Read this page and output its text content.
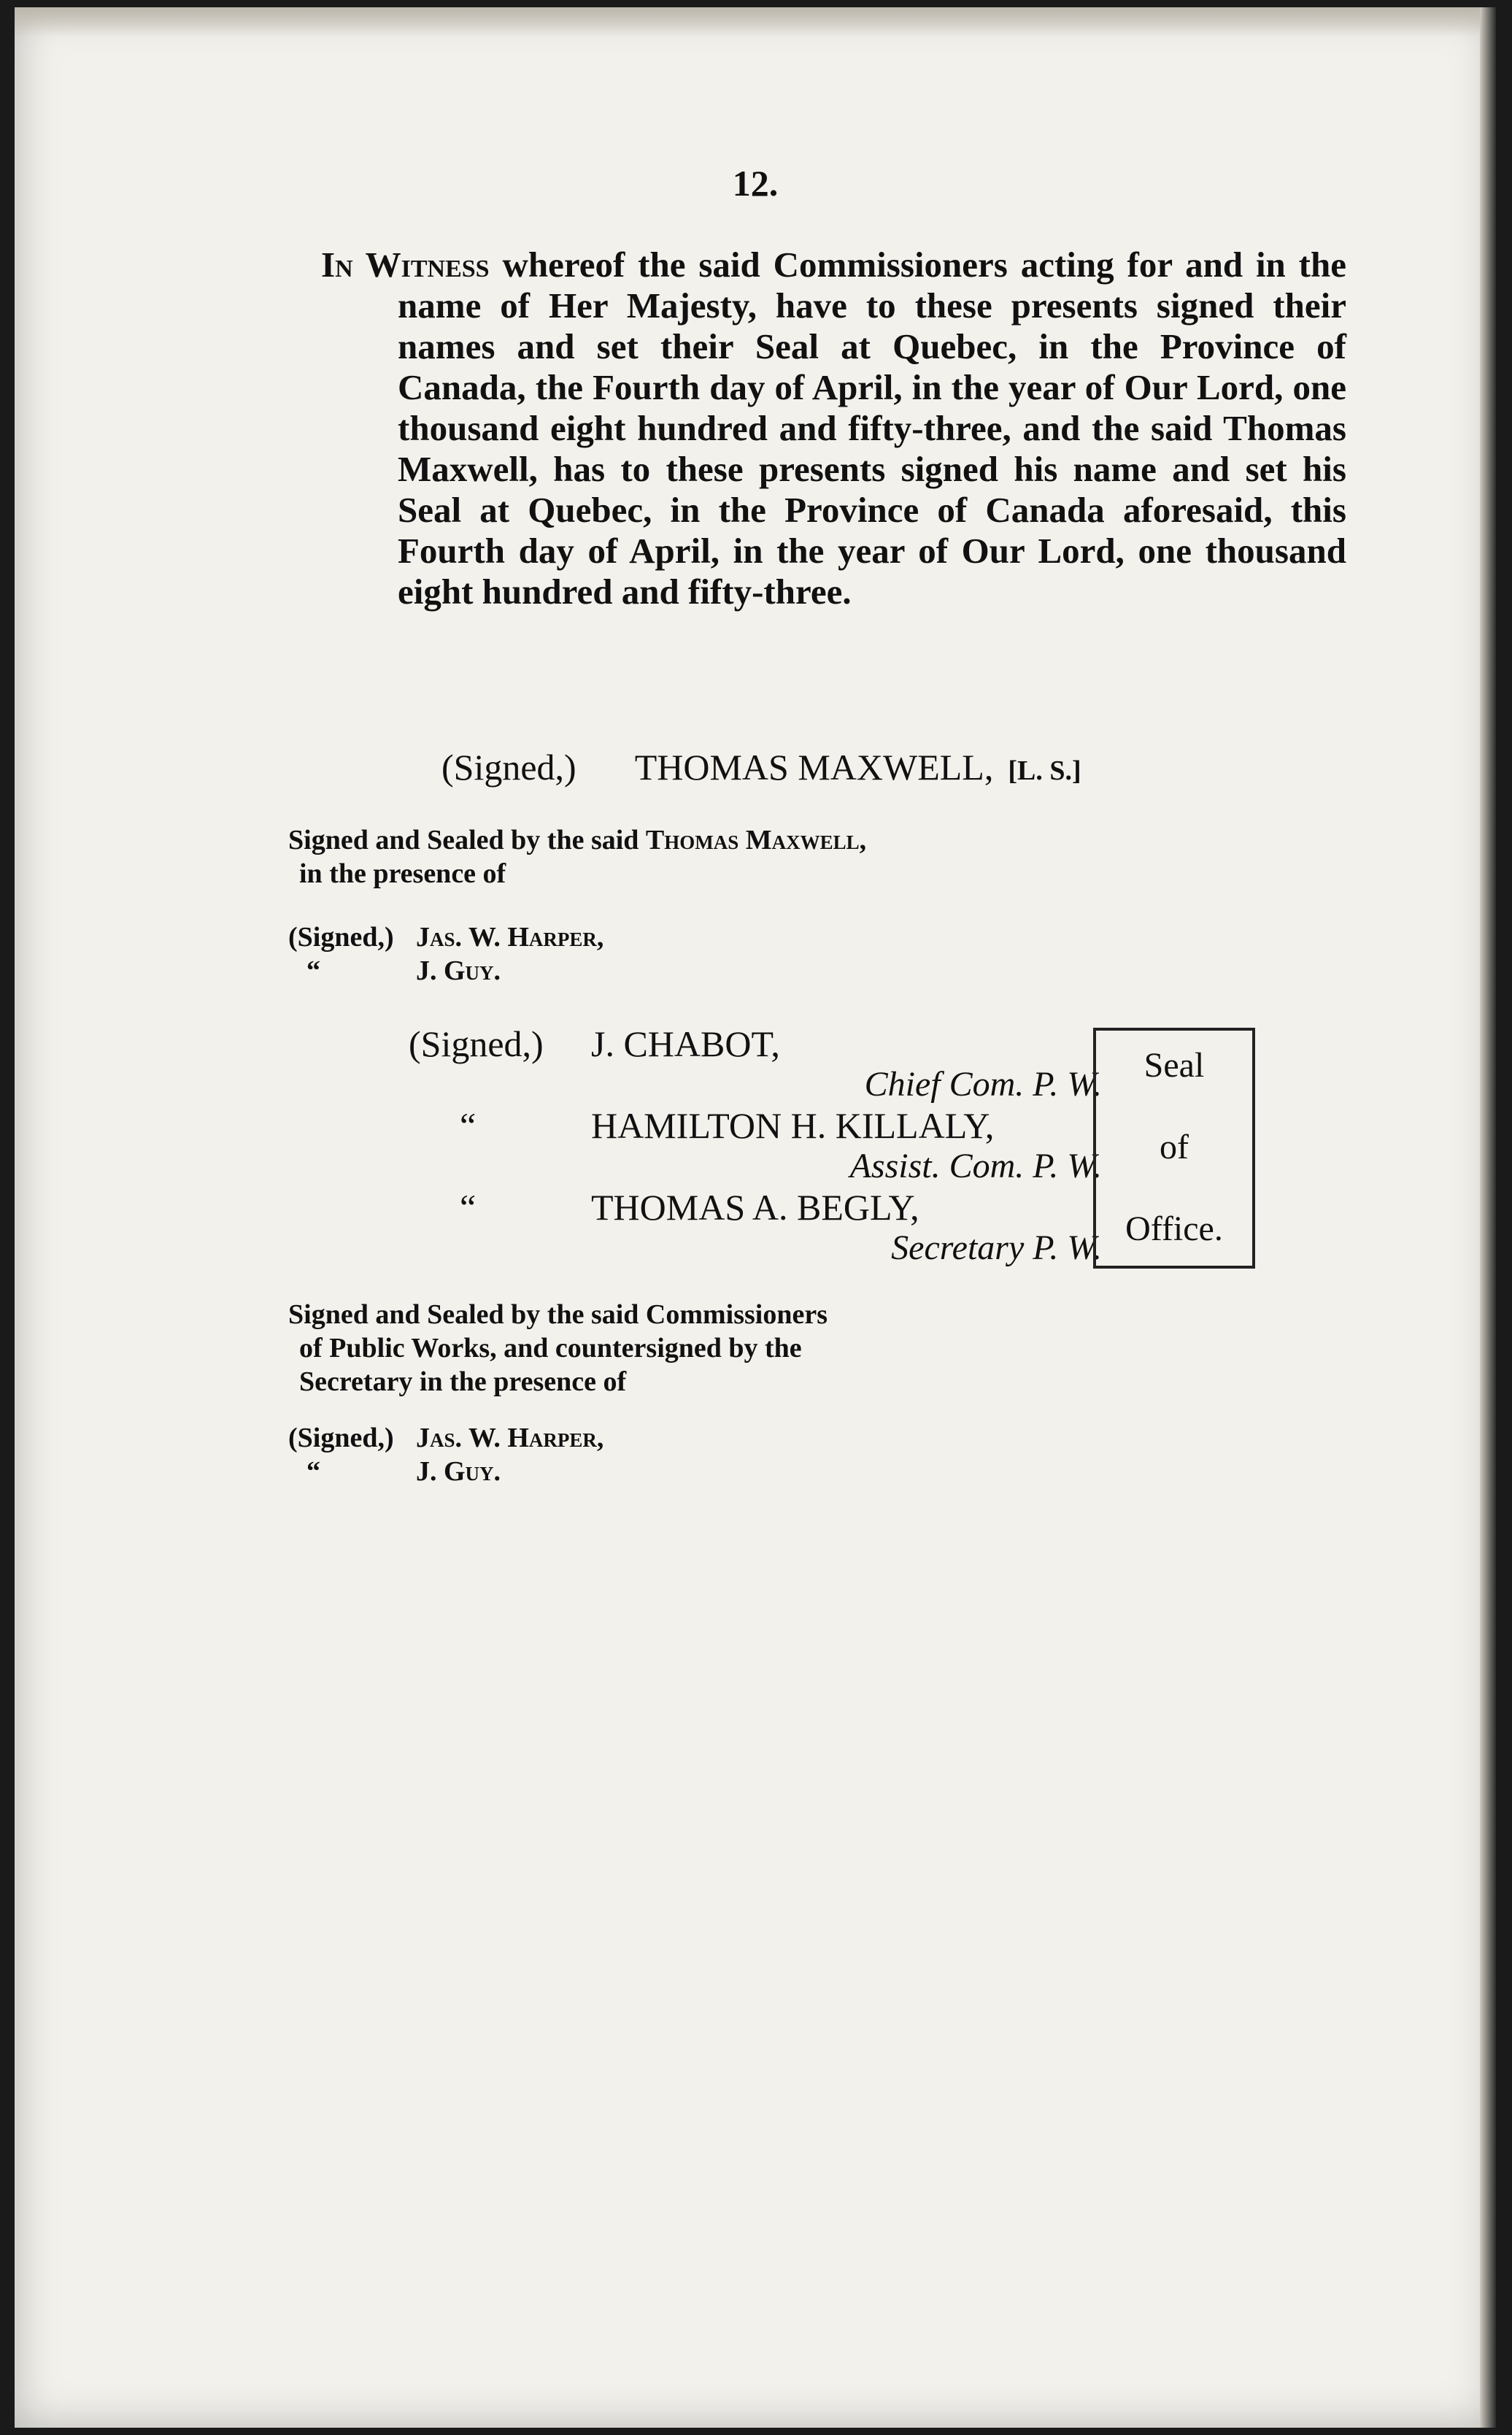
12.
In Witness whereof the said Commissioners acting for and in the name of Her Majesty, have to these presents signed their names and set their Seal at Quebec, in the Province of Canada, the Fourth day of April, in the year of Our Lord, one thousand eight hundred and fifty-three, and the said Thomas Maxwell, has to these presents signed his name and set his Seal at Quebec, in the Province of Canada aforesaid, this Fourth day of April, in the year of Our Lord, one thousand eight hundred and fifty-three.
(Signed,) THOMAS MAXWELL, [L. S.]
Signed and Sealed by the said Thomas Maxwell,
in the presence of
(Signed,) Jas. W. Harper,
“	J. Guy.
(Signed,) J. CHABOT,
Chief Com. P. W.
“	HAMILTON H. KILLALY,
Assist. Com. P. W.
“	THOMAS A. BEGLY,
Secretary P. W.
Seal
of
Office.
Signed and Sealed by the said Commissioners
of Public Works, and countersigned by the
Secretary in the presence of
(Signed,) Jas. W. Harper,
“	J. Guy.
